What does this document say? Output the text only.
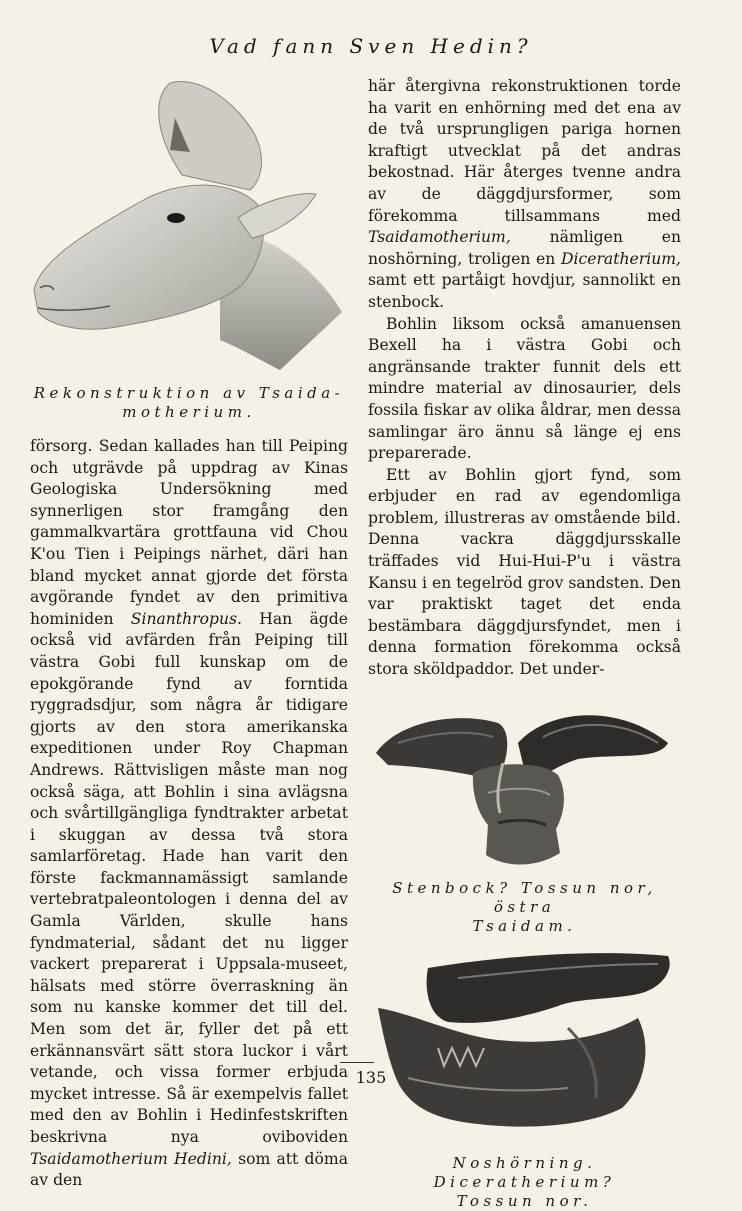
Vad fann Sven Hedin?

Rekonstruktion av Tsaida-
motherium.

försorg. Sedan kallades han till Peiping och utgrävde på uppdrag av Kinas Geologiska Undersökning med synnerligen stor framgång den gammalkvartära grottfauna vid Chou K'ou Tien i Peipings närhet, däri han bland mycket annat gjorde det första avgörande fyndet av den primitiva hominiden Sinanthropus. Han ägde också vid avfärden från Peiping till västra Gobi full kunskap om de epokgörande fynd av forntida ryggradsdjur, som några år tidigare gjorts av den stora amerikanska expeditionen under Roy Chapman Andrews. Rättvisligen måste man nog också säga, att Bohlin i sina avlägsna och svårtillgängliga fyndtrakter arbetat i skuggan av dessa två stora samlarföretag. Hade han varit den förste fackmannamässigt samlande vertebratpaleontologen i denna del av Gamla Världen, skulle hans fyndmaterial, sådant det nu ligger vackert preparerat i Uppsala-museet, hälsats med större överraskning än som nu kanske kommer det till del. Men som det är, fyller det på ett erkännansvärt sätt stora luckor i vårt vetande, och vissa former erbjuda mycket intresse. Så är exempelvis fallet med den av Bohlin i Hedinfestskriften beskrivna nya oviboviden Tsaidamotherium Hedini, som att döma av den

här återgivna rekonstruktionen torde ha varit en enhörning med det ena av de två ursprungligen pariga hornen kraftigt utvecklat på det andras bekostnad. Här återges tvenne andra av de däggdjursformer, som förekomma tillsammans med Tsaidamotherium, nämligen en noshörning, troligen en Diceratherium, samt ett partåigt hovdjur, sannolikt en stenbock.

Bohlin liksom också amanuensen Bexell ha i västra Gobi och angränsande trakter funnit dels ett mindre material av dinosaurier, dels fossila fiskar av olika åldrar, men dessa samlingar äro ännu så länge ej ens preparerade.

Ett av Bohlin gjort fynd, som erbjuder en rad av egendomliga problem, illustreras av omstående bild. Denna vackra däggdjursskalle träffades vid Hui-Hui-P'u i västra Kansu i en tegelröd grov sandsten. Den var praktiskt taget det enda bestämbara däggdjursfyndet, men i denna formation förekomma också stora sköldpaddor. Det under-

Stenbock? Tossun nor, östra
Tsaidam.

Noshörning. Diceratherium?
Tossun nor.

135
